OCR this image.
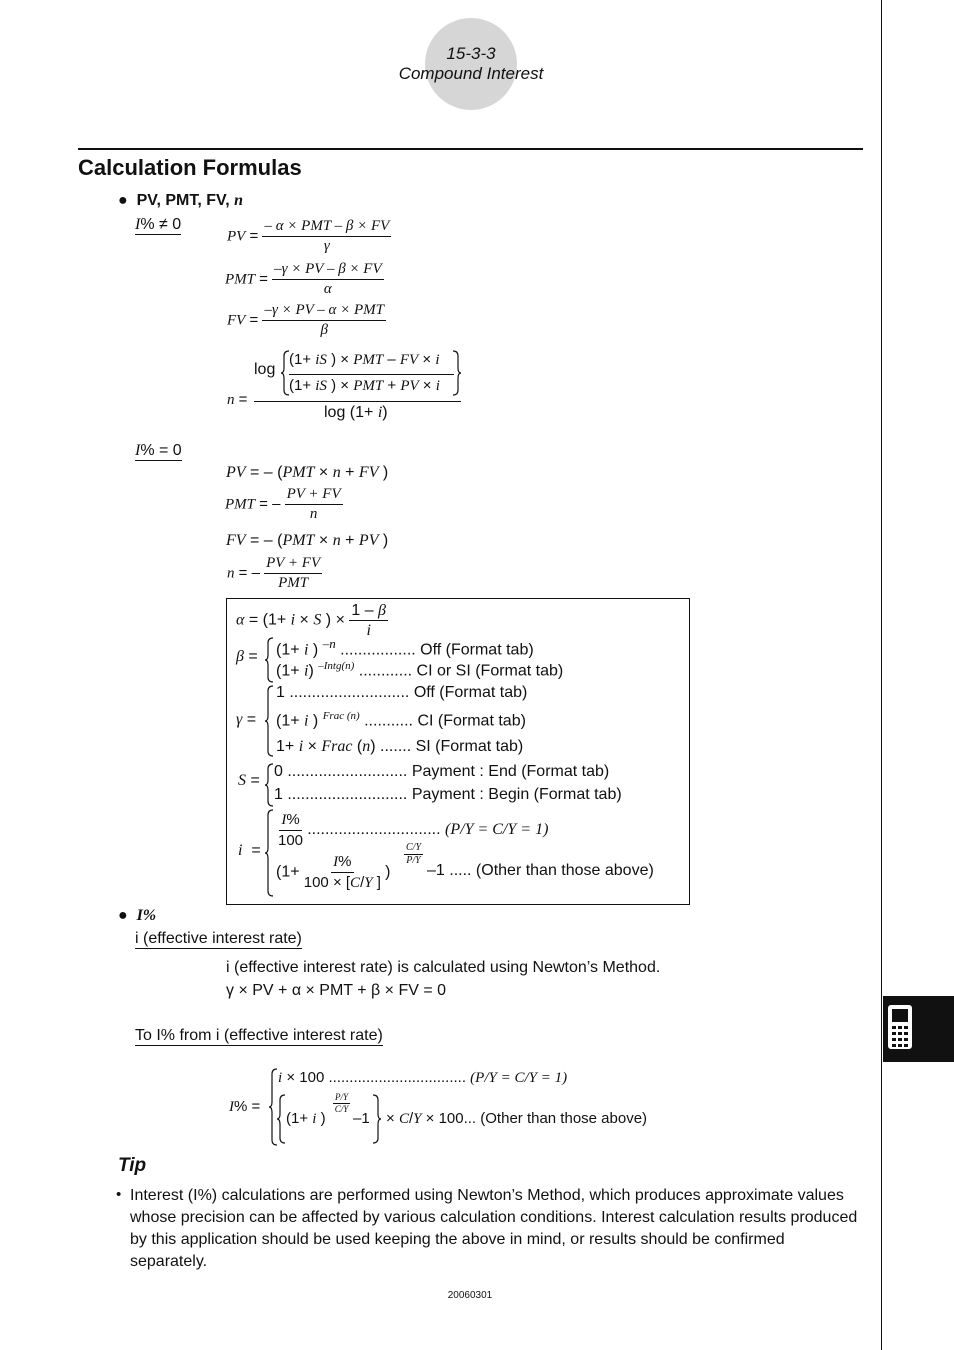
15-3-3
Compound Interest
Calculation Formulas
●  PV, PMT, FV, n
I% ≠ 0
PV = $\frac{\text{– α × PMT – β × FV}}{\gamma}$
PMT = $\frac{-\gamma \times PV - \beta \times FV}{\alpha}$
FV = $\frac{\text{–γ × PV – α × PMT}}{\beta}$
n =
log
(1+ iS ) × PMT – FV × i
(1+ iS ) × PMT + PV × i
log (1+ i)
I% = 0
PV = – (PMT × n + FV )
PMT = – $\frac{PV + FV}{n}$
FV = – (PMT × n + PV )
n = – $\frac{PV + FV}{\text{PMT}}$
α = (1+ i × S ) × $\frac{1 - \beta}{i}$
β = (1+ i ) $^{-n}$ ................. Off (Format tab)
(1+ i) $^{-Intg(n)}$ ............ CI or SI (Format tab)
γ =
1 ........................... Off (Format tab)
(1+ i ) $^{Frac (n)}$ ........... CI (Format tab)
1+ i × Frac (n) ....... SI (Format tab)
S =
0 ........................... Payment : End (Format tab)
1 ........................... Payment : Begin (Format tab)
i  =
$\frac{I\%}{100}$ .............................. (P/Y = C/Y = 1)
($1+ \frac{I\%}{100 \times [C/Y ]}$ )
$\frac{C/Y}{P/Y}$
–1 ..... (Other than those above)
●  I%
i (effective interest rate)
i (effective interest rate) is calculated using Newton’s Method.
γ × PV + α × PMT + β × FV = 0
To I% from i (effective interest rate)
I% =
i × 100 ................................. (P/Y = C/Y = 1)
(1+ i )
$\frac{P/Y}{C/Y}$
–1 × C/Y × 100... (Other than those above)
Tip
• Interest (I%) calculations are performed using Newton’s Method, which produces approximate values whose precision can be affected by various calculation conditions. Interest calculation results produced by this application should be used keeping the above in mind, or results should be confirmed separately.
20060301
